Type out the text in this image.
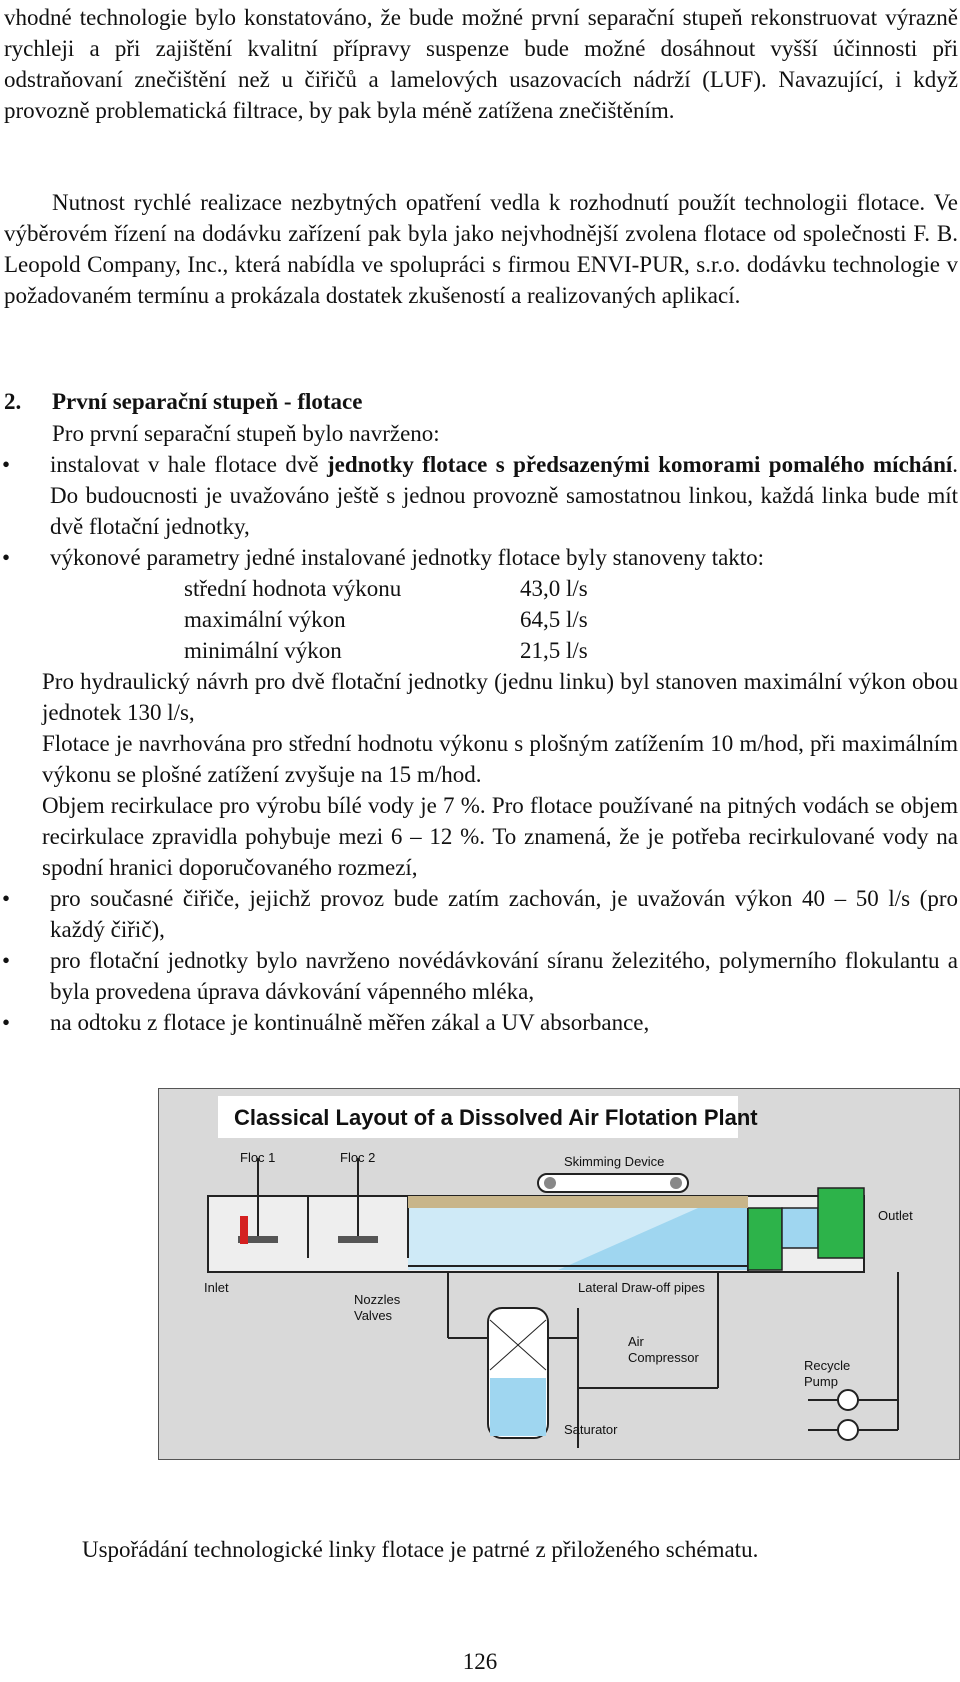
vhodné technologie bylo konstatováno, že bude možné první separační stupeň rekonstruovat výrazně rychleji a při zajištění kvalitní přípravy suspenze bude možné dosáhnout vyšší účinnosti při odstraňovaní znečištění než u čiřičů a lamelových usazovacích nádrží (LUF). Navazující, i když provozně problematická filtrace, by pak byla méně zatížena znečištěním.

Nutnost rychlé realizace nezbytných opatření vedla k rozhodnutí použít technologii flotace. Ve výběrovém řízení na dodávku zařízení pak byla jako nejvhodnější zvolena flotace od společnosti F. B. Leopold Company, Inc., která nabídla ve spolupráci s firmou ENVI-PUR, s.r.o. dodávku technologie v požadovaném termínu a prokázala dostatek zkušeností a realizovaných aplikací.

2. První separační stupeň - flotace

Pro první separační stupeň bylo navrženo:

• instalovat v hale flotace dvě jednotky flotace s předsazenými komorami pomalého míchání. Do budoucnosti je uvažováno ještě s jednou provozně samostatnou linkou, každá linka bude mít dvě flotační jednotky,

• výkonové parametry jedné instalované jednotky flotace byly stanoveny takto:

střední hodnota výkonu	43,0 l/s
maximální výkon	64,5 l/s
minimální výkon	21,5 l/s

Pro hydraulický návrh pro dvě flotační jednotky (jednu linku) byl stanoven maximální výkon obou jednotek 130 l/s,

Flotace je navrhována pro střední hodnotu výkonu s plošným zatížením 10 m/hod, při maximálním výkonu se plošné zatížení zvyšuje na 15 m/hod.

Objem recirkulace pro výrobu bílé vody je 7 %. Pro flotace používané na pitných vodách se objem recirkulace zpravidla pohybuje mezi 6 – 12 %. To znamená, že je potřeba recirkulované vody na spodní hranici doporučovaného rozmezí,

• pro současné čiřiče, jejichž provoz bude zatím zachován, je uvažován výkon 40 – 50 l/s (pro každý čiřič),

• pro flotační jednotky bylo navrženo novédávkování síranu železitého, polymerního flokulantu a byla provedena úprava dávkování vápenného mléka,

• na odtoku z flotace je kontinuálně měřen zákal a UV absorbance,

Classical Layout of a Dissolved Air Flotation Plant
Floc 1	Floc 2	Skimming Device
Outlet
Inlet
Nozzles
Valves
Lateral Draw-off pipes
Air
Compressor
Recycle
Pump
Saturator

Uspořádání technologické linky flotace je patrné z přiloženého schématu.

126
